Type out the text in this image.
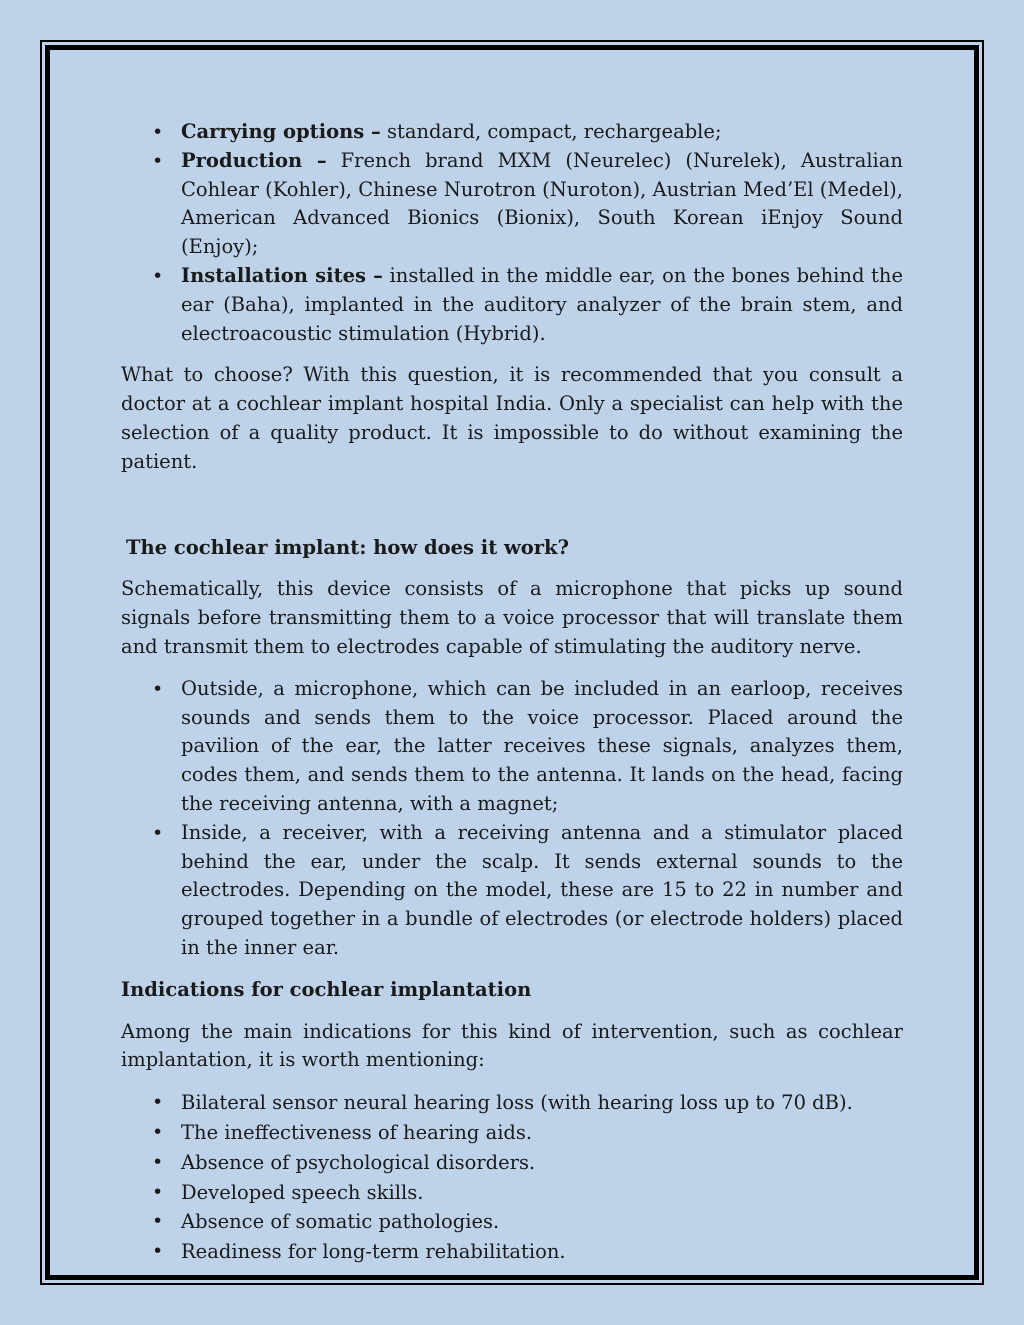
• Carrying options – standard, compact, rechargeable;
• Production – French brand MXM (Neurelec) (Nurelek), Australian Cohlear (Kohler), Chinese Nurotron (Nuroton), Austrian Med’El (Medel), American Advanced Bionics (Bionix), South Korean iEnjoy Sound (Enjoy);
• Installation sites – installed in the middle ear, on the bones behind the ear (Baha), implanted in the auditory analyzer of the brain stem, and electroacoustic stimulation (Hybrid).

What to choose? With this question, it is recommended that you consult a doctor at a cochlear implant hospital India. Only a specialist can help with the selection of a quality product. It is impossible to do without examining the patient.

The cochlear implant: how does it work?

Schematically, this device consists of a microphone that picks up sound signals before transmitting them to a voice processor that will translate them and transmit them to electrodes capable of stimulating the auditory nerve.

• Outside, a microphone, which can be included in an earloop, receives sounds and sends them to the voice processor. Placed around the pavilion of the ear, the latter receives these signals, analyzes them, codes them, and sends them to the antenna. It lands on the head, facing the receiving antenna, with a magnet;
• Inside, a receiver, with a receiving antenna and a stimulator placed behind the ear, under the scalp. It sends external sounds to the electrodes. Depending on the model, these are 15 to 22 in number and grouped together in a bundle of electrodes (or electrode holders) placed in the inner ear.

Indications for cochlear implantation

Among the main indications for this kind of intervention, such as cochlear implantation, it is worth mentioning:

• Bilateral sensor neural hearing loss (with hearing loss up to 70 dB).
• The ineffectiveness of hearing aids.
• Absence of psychological disorders.
• Developed speech skills.
• Absence of somatic pathologies.
• Readiness for long-term rehabilitation.
